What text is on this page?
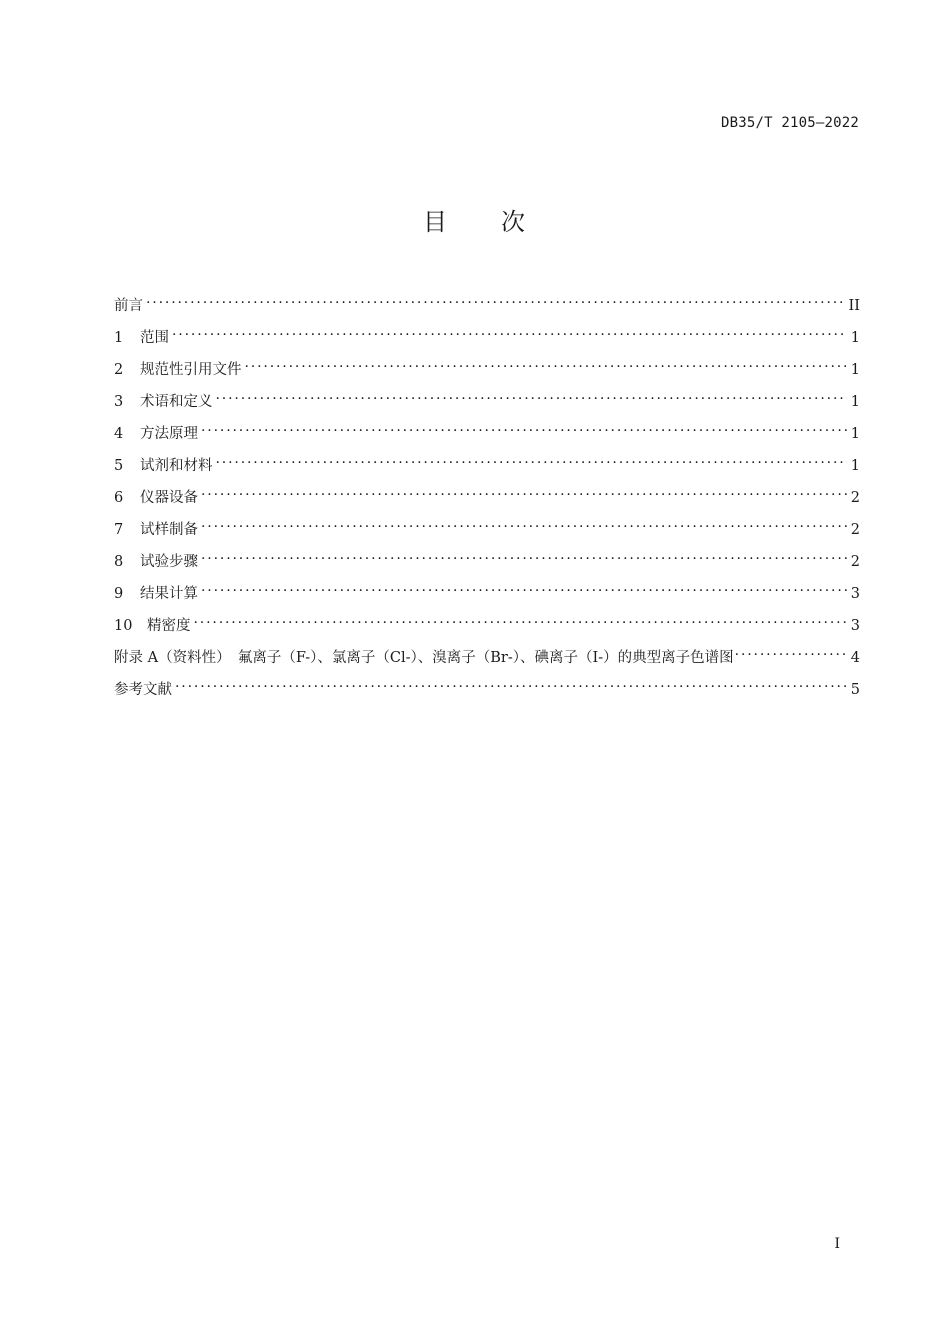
DB35/T 2105—2022
目 次
前言 . . .	II
1	范围 . . .	1
2	规范性引用文件 . . .	1
3	术语和定义 . . .	1
4	方法原理 . . .	1
5	试剂和材料 . . .	1
6	仪器设备 . . .	2
7	试样制备 . . .	2
8	试验步骤 . . .	2
9	结果计算 . . .	3
10	精密度 . . .	3
附录 A（资料性）　氟离子（F-）、氯离子（Cl-）、溴离子（Br-）、碘离子（I-）的典型离子色谱图 . . .	4
参考文献 . . .	5
I
